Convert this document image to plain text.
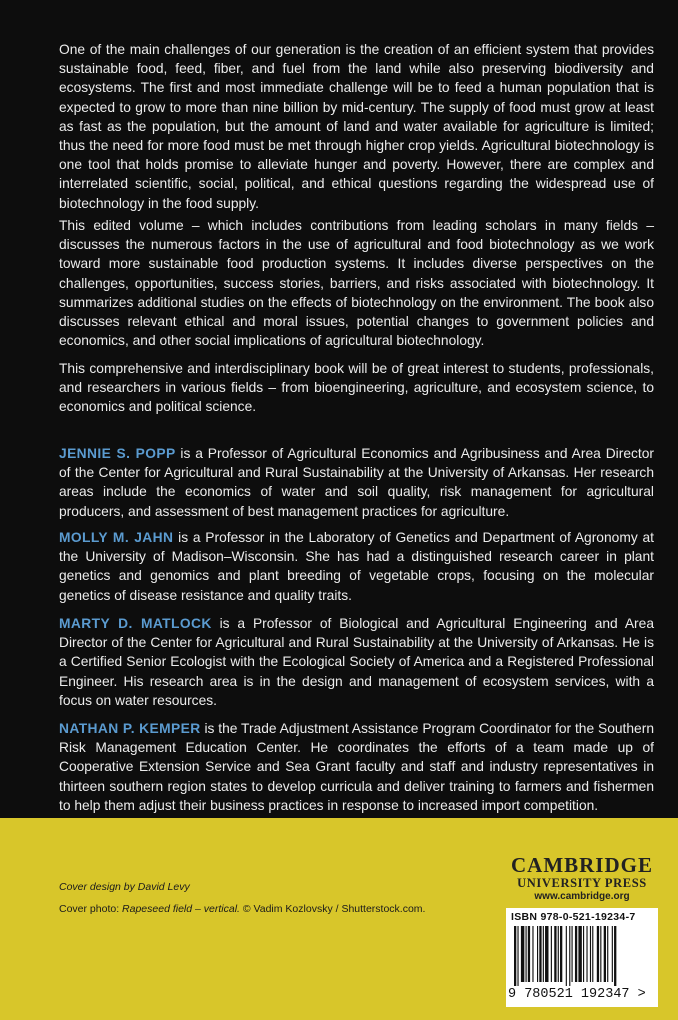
One of the main challenges of our generation is the creation of an efficient system that provides sustainable food, feed, fiber, and fuel from the land while also preserving biodiversity and ecosystems. The first and most immediate challenge will be to feed a human population that is expected to grow to more than nine billion by mid-century. The supply of food must grow at least as fast as the population, but the amount of land and water available for agriculture is limited; thus the need for more food must be met through higher crop yields. Agricultural biotechnology is one tool that holds promise to alleviate hunger and poverty. However, there are complex and interrelated scientific, social, political, and ethical questions regarding the widespread use of biotechnology in the food supply.

This edited volume – which includes contributions from leading scholars in many fields – discusses the numerous factors in the use of agricultural and food biotechnology as we work toward more sustainable food production systems. It includes diverse perspectives on the challenges, opportunities, success stories, barriers, and risks associated with biotechnology. It summarizes additional studies on the effects of biotechnology on the environment. The book also discusses relevant ethical and moral issues, potential changes to government policies and economics, and other social implications of agricultural biotechnology.

This comprehensive and interdisciplinary book will be of great interest to students, professionals, and researchers in various fields – from bioengineering, agriculture, and ecosystem science, to economics and political science.

JENNIE S. POPP is a Professor of Agricultural Economics and Agribusiness and Area Director of the Center for Agricultural and Rural Sustainability at the University of Arkansas. Her research areas include the economics of water and soil quality, risk management for agricultural producers, and assessment of best management practices for agriculture.

MOLLY M. JAHN is a Professor in the Laboratory of Genetics and Department of Agronomy at the University of Madison–Wisconsin. She has had a distinguished research career in plant genetics and genomics and plant breeding of vegetable crops, focusing on the molecular genetics of disease resistance and quality traits.

MARTY D. MATLOCK is a Professor of Biological and Agricultural Engineering and Area Director of the Center for Agricultural and Rural Sustainability at the University of Arkansas. He is a Certified Senior Ecologist with the Ecological Society of America and a Registered Professional Engineer. His research area is in the design and management of ecosystem services, with a focus on water resources.

NATHAN P. KEMPER is the Trade Adjustment Assistance Program Coordinator for the Southern Risk Management Education Center. He coordinates the efforts of a team made up of Cooperative Extension Service and Sea Grant faculty and staff and industry representatives in thirteen southern region states to develop curricula and deliver training to farmers and fishermen to help them adjust their business practices in response to increased import competition.

Cover design by David Levy
Cover photo: Rapeseed field – vertical. © Vadim Kozlovsky / Shutterstock.com.
CAMBRIDGE
UNIVERSITY PRESS
www.cambridge.org
ISBN 978-0-521-19234-7
9 780521 192347 >
